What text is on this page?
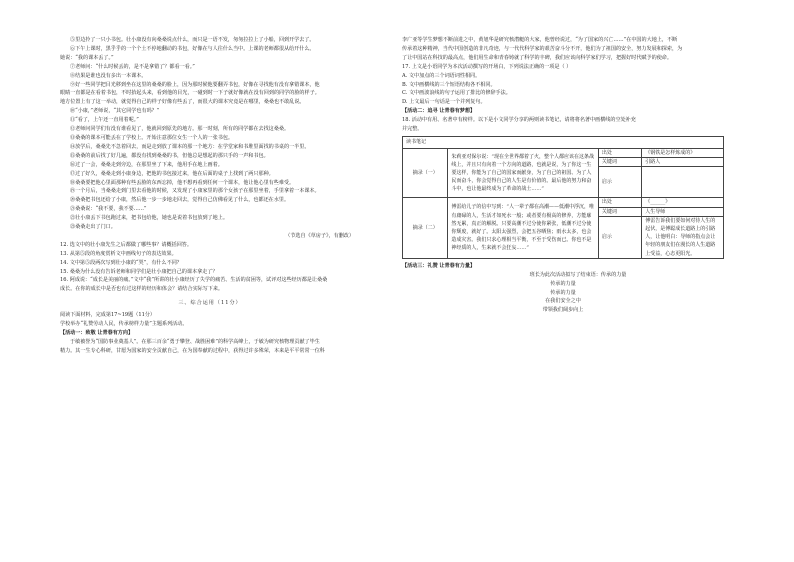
⑤里边拎了一只小书包。壮小康没有向桑桑说点什么，而只是一语不发，匆匆拉拉上了小船，回到开学去了。

⑥下午上课时，黑乎乎的一个个土不停地翻动的书包，好像在与人往什么当中。上课的老师都很从给开什么。

她说：“我的课本丢了。”

⑦老师问：“什么时候丢的，是不是拿错了？都看一看。”

⑧结果是谁也没有多出一本课本。

⑨好一些同学把目光移到坐在这里的桑桑的脸上，因为那时候他要翻弄书包，好像在寻找他有没有拿错课本，他

眼睛一直都是在看着书包，不时抬起头来，看到他的目光，一碰到时一下子就好像就在没有回到的同学的脸的样子。

地方位置上有了这一举动，就觉得自己的样子好像有些丢了，而很大的课本究竟是在哪里，桑桑也不敢乱说。

⑩“小康，”老师说，“其它同学也有吗？”

⑪“看了，上午还一直用着呢。”

⑫老师问同学们有没有谁看见了，他就回到原先的地方。那一时刻，所有的同学都在去找这桑桑。

⑬桑桑的课本可能丢在了学校上。开始注意那位女生一个人的一张书包。

⑭放学后，桑桑先不急着回去，而是走到放了课本的那一个地方：在学堂家和书堆里面找的书桌的一半里。

⑮桑桑的前后找了好几遍，都没有找到桑桑的书，但他总是想起的那只手的一声和书包。

⑯过了一会，桑桑走到旁边，在那里坐了下来，他用手在地上画着。

⑰过了好久，桑桑走到小康身边，把他的书包接过来，他在后面的桌子上找到了两只那种。

⑱桑桑要把他心里面那种有些丢脸的东西忘掉，他不想再看到任何一个课本，他让他心里有些难受。

⑲一个月后，当桑桑走到门里去看他的时候，又发现了小康家里的那个女孩子在那里坐着，手里拿着一本课本。

⑳桑桑把书包还给了小康，然后他一步一步地走回去，觉得自己仿佛看见了什么，也都还在水里。

㉑桑桑说：“我不要，我不要……”

㉒壮小康丢下书包跑过来，把书包给他，她也是说着书包放到了地上。

㉓桑桑走出了门口。

（节选自《草房子》，有删改）

12. 选文中的壮小康先生之后都做了哪些事？请概括回答。

13. 从第⑤段的角度赏析文中画线句子的表达效果。

14. 文中第⑤段两次写到壮小康的“哭”，有什么不同？

15. 桑桑为什么没有告诉老师和同学们是壮小康把自己的课本拿走了？

16. 阿成说：“成长是美丽的痛。”文中“我”所讲的壮小康经历了失学的痛苦、生活的贫困等，试评对这些经历都是让桑桑

成长。在你的成长中是否也有过这样的经历和体会？请结合实际写下来。

三、综合运用（11分）

阅读下面材料，完成第17~19题（11分）

学校举办“礼赞劳动人民，传承榜样力量”主题系列活动。

【活动一：致敬 让青春有方向】

于敏被誉为“国防事业奠基人”。在那三百余“勇于攀登、战胜困难”的科学高峰上，于敏为研究核物理贡献了毕生

精力。其一生专心科研，甘愿为国家的安全贡献自己，在为国奉献的过程中，获得过许多殊荣，本来是平平常常一位科

李广亚等学生梦想不断前进之中，黄旭华是研究核潜艇的大家，他曾经说过，“为了国家的兴亡……”在中国的大地上，不断

传承着这种精神，当代中国创造的非凡奇迹，与一代代科学家的艰苦奋斗分不开，他们为了祖国的安全，努力发展和探索，为

了让中国站在科技的最高点，他们用生命和青春铸就了科学的丰碑，我们应该向科学家们学习，把握好时代赋予的使命。

17. 上文是小语同学为本次活动撰写的开场白，下列说法正确的一项是（ ）

A. 文中加点的三个词语词性相同。

B. 文中画横线的三个短语结构各不相同。

C. 文中画波浪线的句子运用了排比的修辞手法。

D. 上文最后一句话是一个并列复句。

【活动二：追寻 让青春有梦想】

18. 活动中有用、名著中有榜样。以下是小文同学分享的两则读书笔记，请将将名著中画横线的空处补充

并完整。

读书笔记			
摘录（一）	朱莉亚对保尔说：“现在全世界都着了火，整个人都应该在这条战线上，并且只有向着一个方向的道路，也就是说，为了你这一生要这样，你能为了自己的国家而献身，为了自己的祖国、为了人民而奋斗，你会觉得自己的人生是有价值的。最后他的努力和奋斗中，也让他最终成为了革命的战士……”	出处	《钢铁是怎样炼成的》
		关键词	引路人
		启示	
摘录（二）	傅雷给儿子的信中写到：“人一辈子都在高潮——低潮中浮沉，唯有庸碌的人，生活才如死水一般；或者要有极高的修养，方能廓然无累，真正的解脱。只要高潮不过分使你紧张，低潮不过分使你颓废，就好了。太阳太强烈，会把五谷晒焦；雨水太多，也会造成灾害。我们只求心理相当平衡，不至于受伤而已。你也不是神经质的人，生来就不会狂妄……”	出处	《______》
		关键词	人生导师
		启示	傅雷告诉我们要如何对待人生的起伏，是傅聪成长道路上的引路人，让他明白：导师的指点会让年轻的朋友们在漫长的人生道路上受益，心态更阳光。

【活动三：礼赞 让青春有力量】

班长为此次活动拟写了结束语：传承的力量

传承的力量

传承的力量

在我们安全之中

带领我们阔步向上
